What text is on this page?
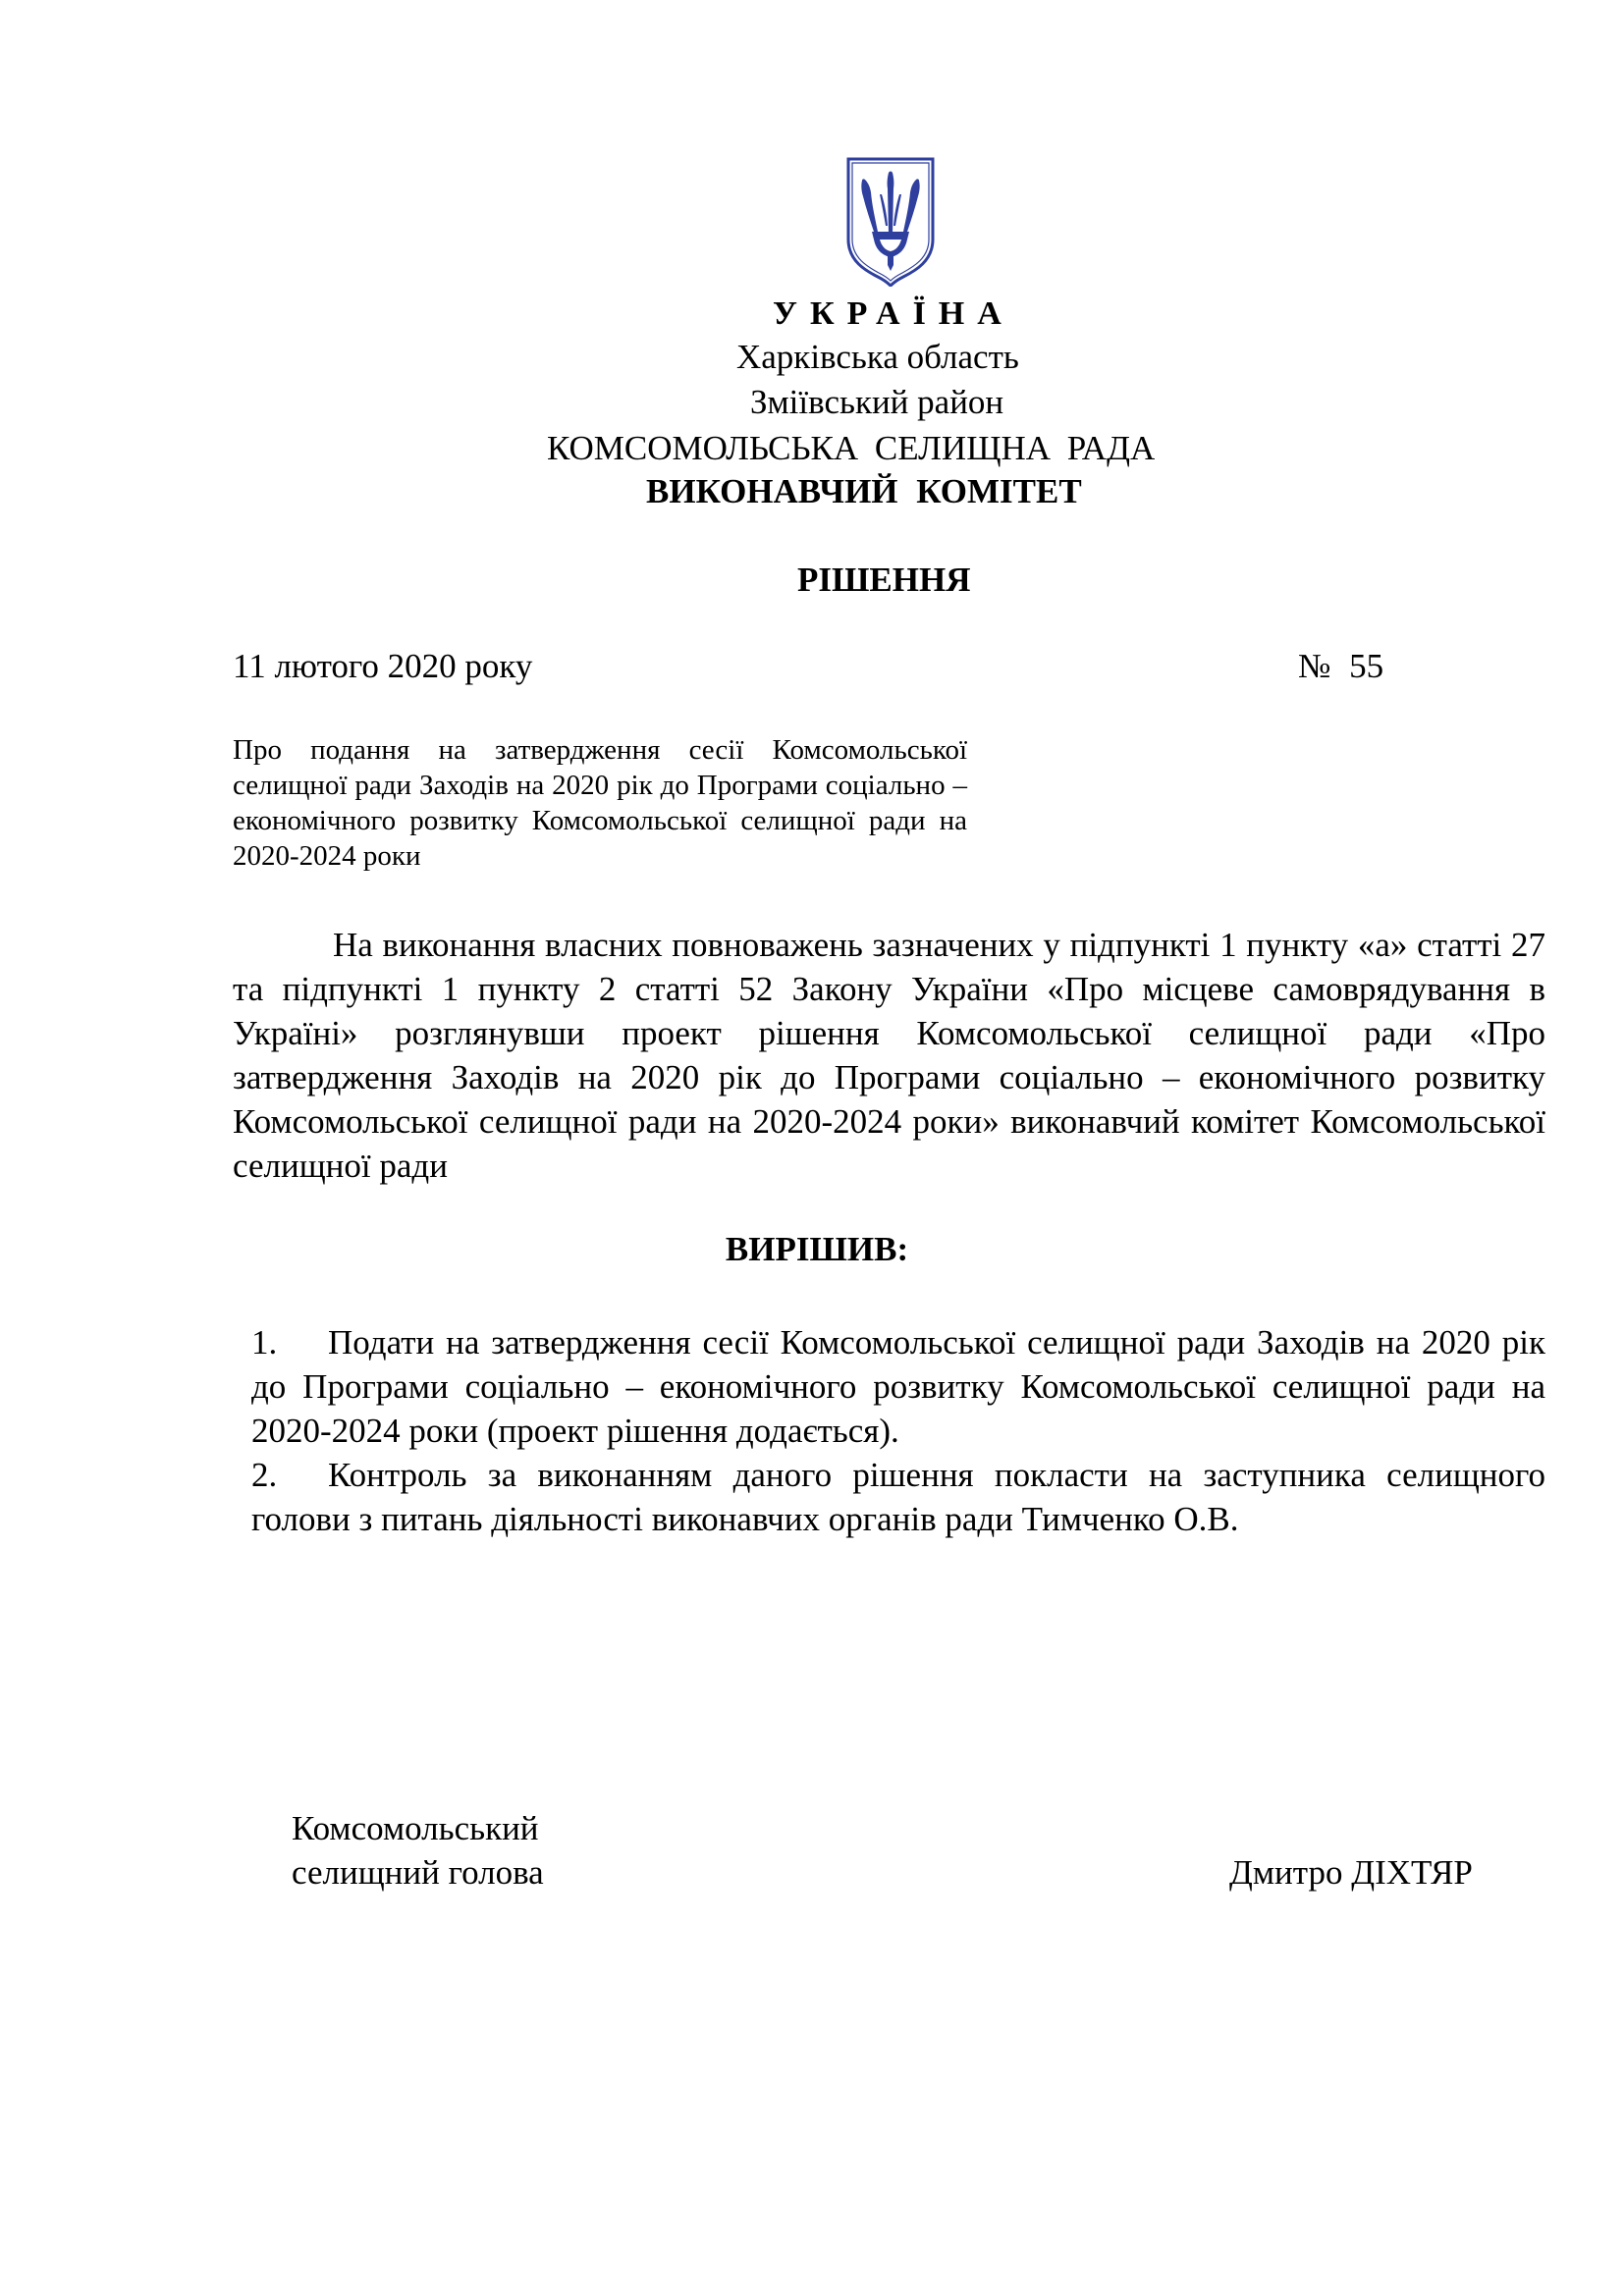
УКРАЇНА
Харківська область
Зміївський район
КОМСОМОЛЬСЬКА СЕЛИЩНА РАДА
ВИКОНАВЧИЙ КОМІТЕТ
РІШЕННЯ
11 лютого 2020 року	№ 55
Про подання на затвердження сесії Комсомольської селищної ради Заходів на 2020 рік до Програми соціально – економічного розвитку Комсомольської селищної ради на 2020-2024 роки
На виконання власних повноважень зазначених у підпункті 1 пункту «а» статті 27 та підпункті 1 пункту 2 статті 52 Закону України «Про місцеве самоврядування в Україні» розглянувши проект рішення Комсомольської селищної ради «Про затвердження Заходів на 2020 рік до Програми соціально – економічного розвитку Комсомольської селищної ради на 2020-2024 роки» виконавчий комітет Комсомольської селищної ради
ВИРІШИВ:
1. Подати на затвердження сесії Комсомольської селищної ради Заходів на 2020 рік до Програми соціально – економічного розвитку Комсомольської селищної ради на 2020-2024 роки (проект рішення додається).
2. Контроль за виконанням даного рішення покласти на заступника селищного голови з питань діяльності виконавчих органів ради Тимченко О.В.
Комсомольський
селищний голова	Дмитро ДІХТЯР
